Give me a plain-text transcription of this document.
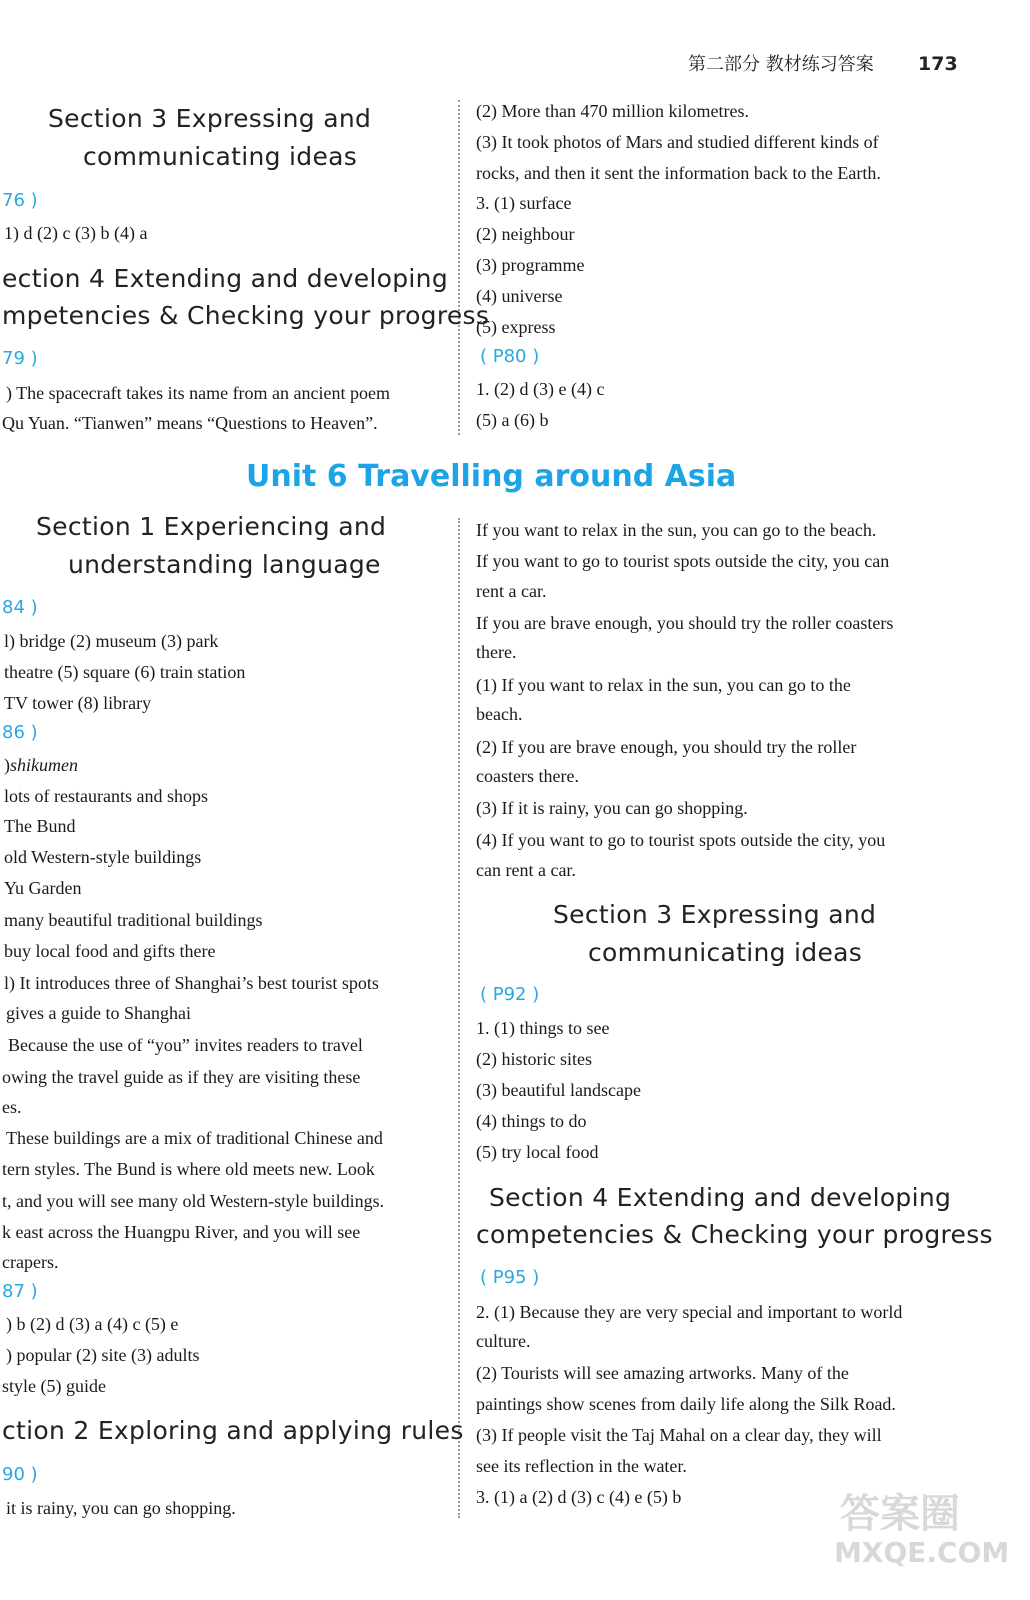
第二部分 教材练习答案 173
Section 3 Expressing and
communicating ideas
76 )
1) d (2) c (3) b (4) a
ection 4 Extending and developing
mpetencies & Checking your progress
79 )
) The spacecraft takes its name from an ancient poem
Qu Yuan. “Tianwen” means “Questions to Heaven”.
(2) More than 470 million kilometres.
(3) It took photos of Mars and studied different kinds of
rocks, and then it sent the information back to the Earth.
3. (1) surface
(2) neighbour
(3) programme
(4) universe
(5) express
( P80 )
1. (2) d (3) e (4) c
(5) a (6) b
Unit 6 Travelling around Asia
Section 1 Experiencing and
understanding language
84 )
l) bridge (2) museum (3) park
theatre (5) square (6) train station
TV tower (8) library
86 )
)shikumen
lots of restaurants and shops
The Bund
old Western-style buildings
Yu Garden
many beautiful traditional buildings
buy local food and gifts there
l) It introduces three of Shanghai’s best tourist spots
gives a guide to Shanghai
Because the use of “you” invites readers to travel
owing the travel guide as if they are visiting these
es.
These buildings are a mix of traditional Chinese and
tern styles. The Bund is where old meets new. Look
t, and you will see many old Western-style buildings.
k east across the Huangpu River, and you will see
crapers.
87 )
) b (2) d (3) a (4) c (5) e
) popular (2) site (3) adults
style (5) guide
ction 2 Exploring and applying rules
90 )
it is rainy, you can go shopping.
If you want to relax in the sun, you can go to the beach.
If you want to go to tourist spots outside the city, you can
rent a car.
If you are brave enough, you should try the roller coasters
there.
(1) If you want to relax in the sun, you can go to the
beach.
(2) If you are brave enough, you should try the roller
coasters there.
(3) If it is rainy, you can go shopping.
(4) If you want to go to tourist spots outside the city, you
can rent a car.
Section 3 Expressing and
communicating ideas
( P92 )
1. (1) things to see
(2) historic sites
(3) beautiful landscape
(4) things to do
(5) try local food
Section 4 Extending and developing
competencies & Checking your progress
( P95 )
2. (1) Because they are very special and important to world
culture.
(2) Tourists will see amazing artworks. Many of the
paintings show scenes from daily life along the Silk Road.
(3) If people visit the Taj Mahal on a clear day, they will
see its reflection in the water.
3. (1) a (2) d (3) c (4) e (5) b	答案圈
MXQE.COM
